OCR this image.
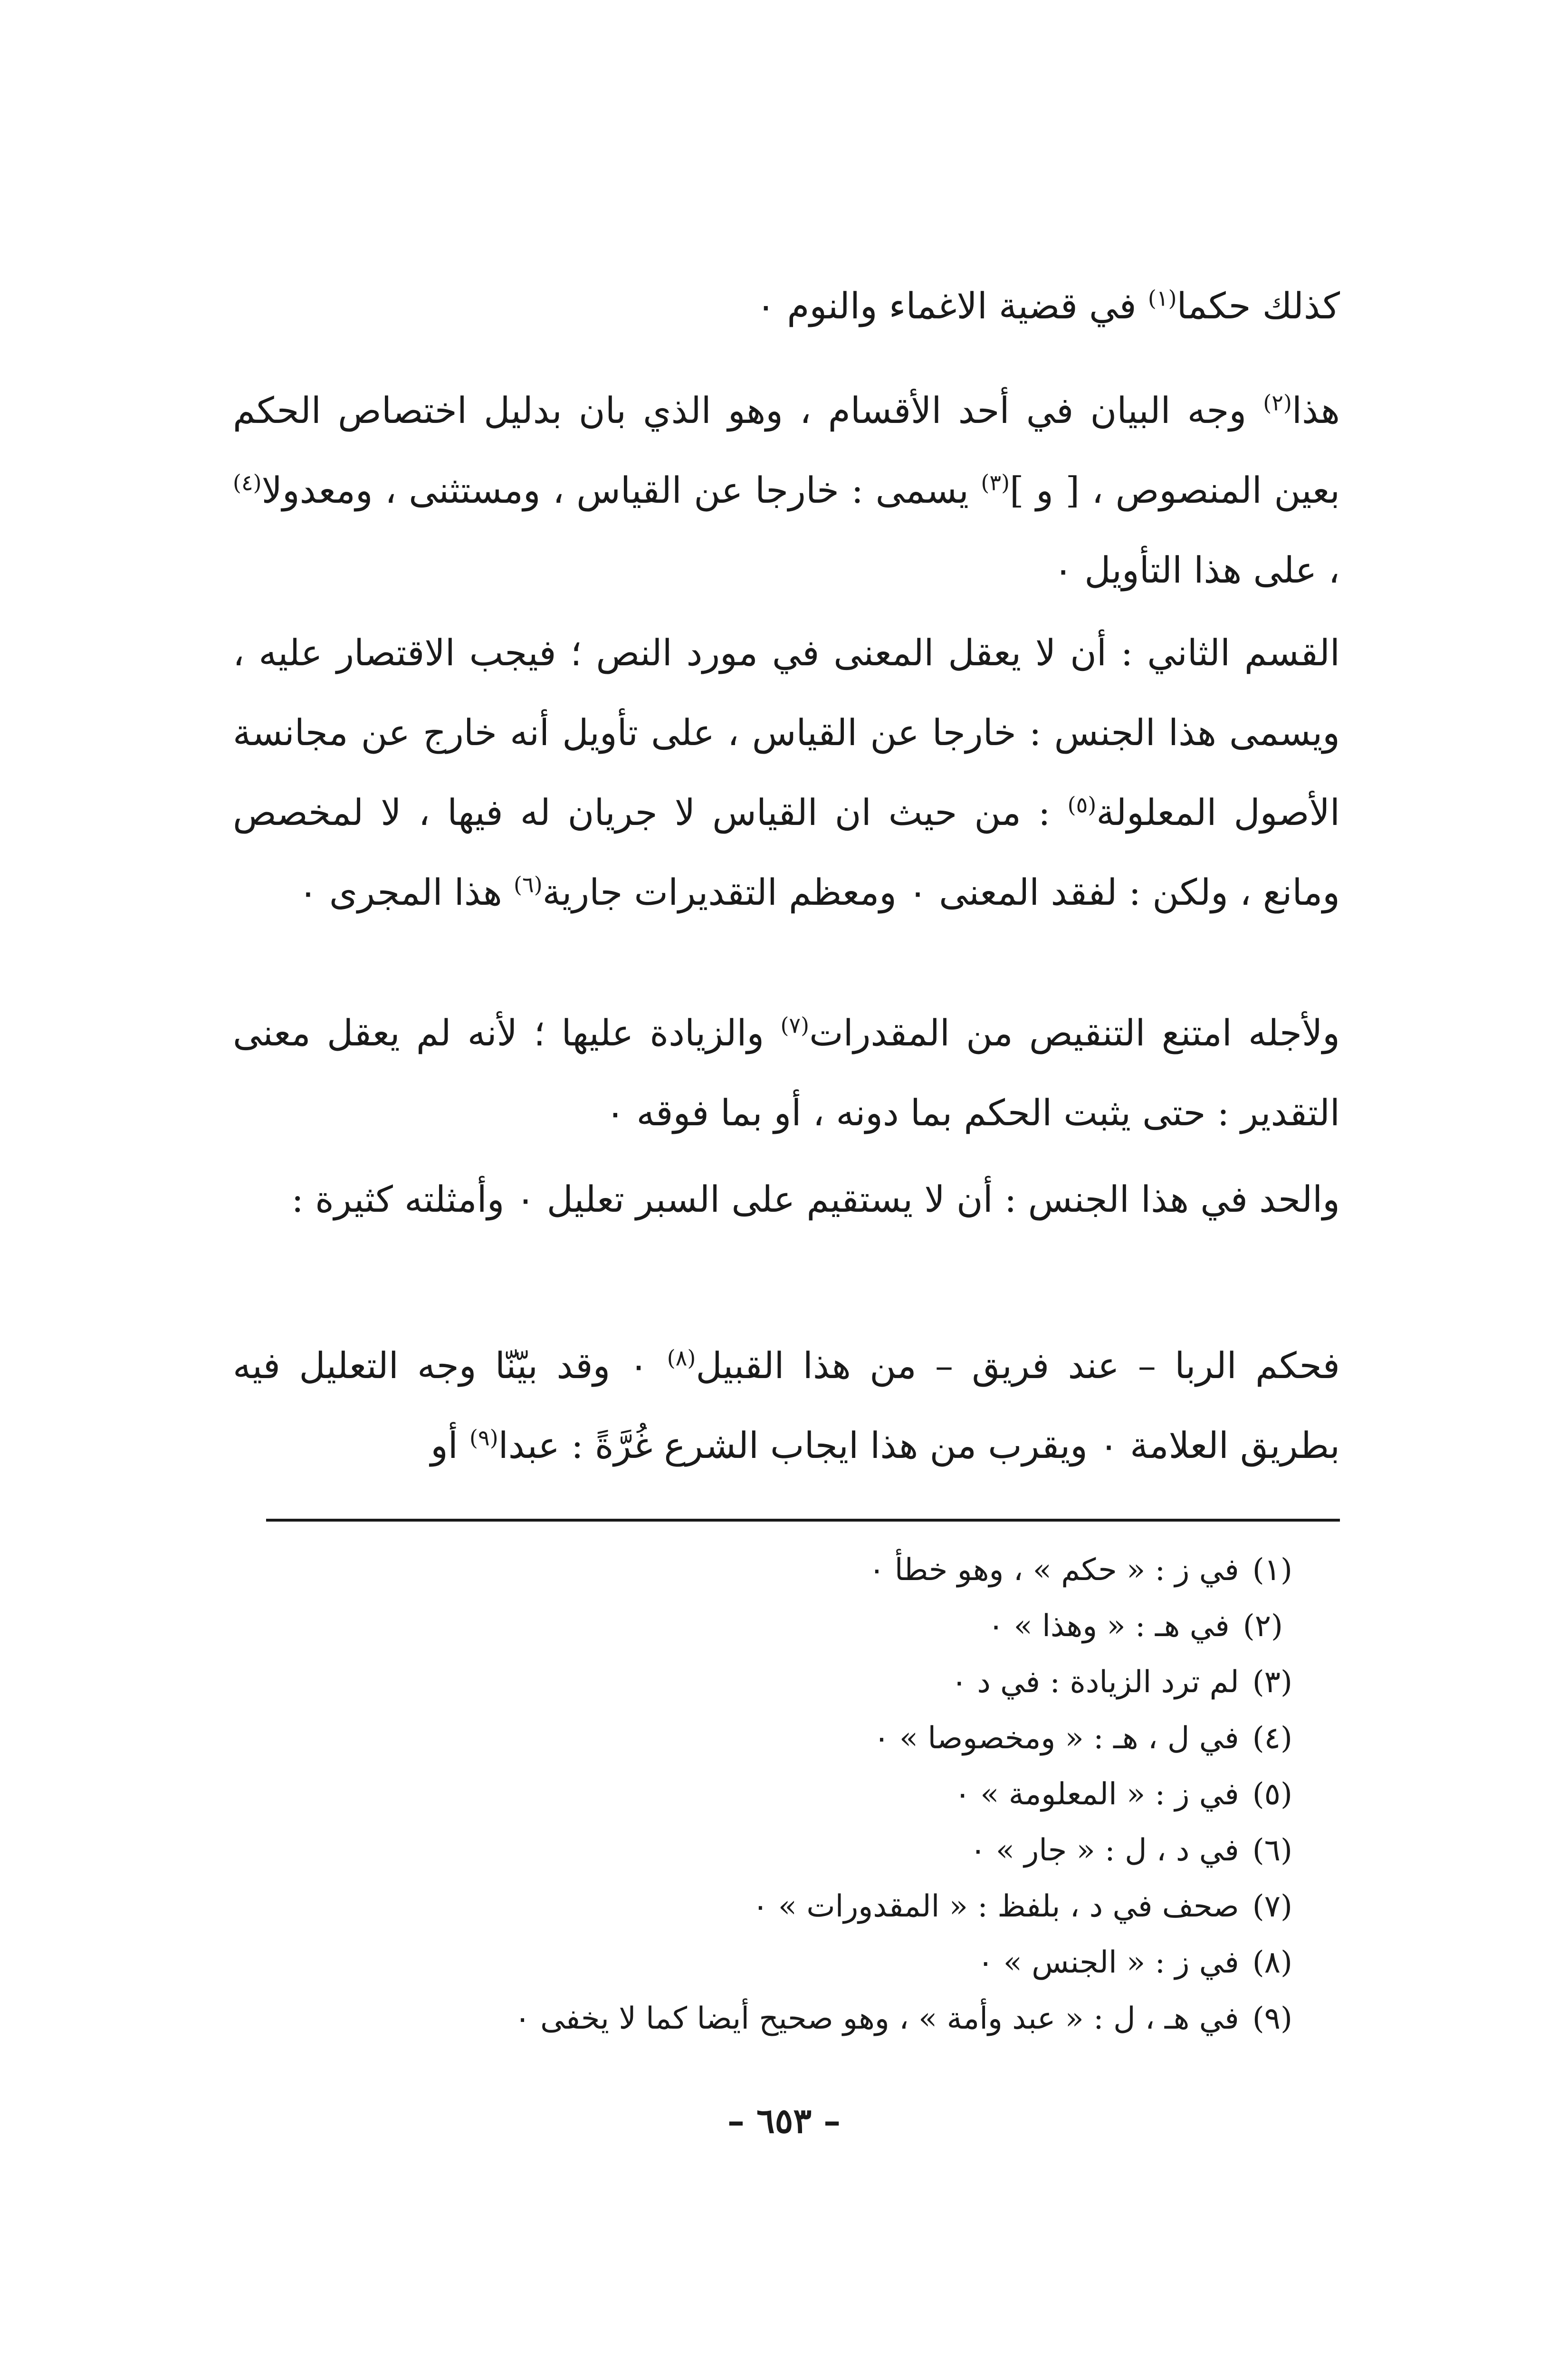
كذلك حكما$^{(١)}$ في قضية الاغماء والنوم ٠

هذا$^{(٢)}$ وجه البيان في أحد الأقسام ، وهو الذي بان بدليل اختصاص الحكم بعين المنصوص ، [ و ]$^{(٣)}$ يسمى : خارجا عن القياس ، ومستثنى ، ومعدولا$^{(٤)}$ ، على هذا التأويل ٠

القسم الثاني : أن لا يعقل المعنى في مورد النص ؛ فيجب الاقتصار عليه ، ويسمى هذا الجنس : خارجا عن القياس ، على تأويل أنه خارج عن مجانسة الأصول المعلولة$^{(٥)}$ : من حيث ان القياس لا جريان له فيها ، لا لمخصص ومانع ، ولكن : لفقد المعنى ٠ ومعظم التقديرات جارية$^{(٦)}$ هذا المجرى ٠

ولأجله امتنع التنقيص من المقدرات$^{(٧)}$ والزيادة عليها ؛ لأنه لم يعقل معنى التقدير : حتى يثبت الحكم بما دونه ، أو بما فوقه ٠

والحد في هذا الجنس : أن لا يستقيم على السبر تعليل ٠ وأمثلته كثيرة :

فحكم الربا – عند فريق – من هذا القبيل$^{(٨)}$ ٠ وقد بيّنّا وجه التعليل فيه بطريق العلامة ٠ ويقرب من هذا ايجاب الشرع غُرَّةً : عبدا$^{(٩)}$ أو

(١)في ز : « حكم » ، وهو خطأ ٠
(٢)في هـ : « وهذا » ٠
(٣)لم ترد الزيادة : في د ٠
(٤)في ل ، هـ : « ومخصوصا » ٠
(٥)في ز : « المعلومة » ٠
(٦)في د ، ل : « جار » ٠
(٧)صحف في د ، بلفظ : « المقدورات » ٠
(٨)في ز : « الجنس » ٠
(٩)في هـ ، ل : « عبد وأمة » ، وهو صحيح أيضا كما لا يخفى ٠
– ٦٥٣ –
